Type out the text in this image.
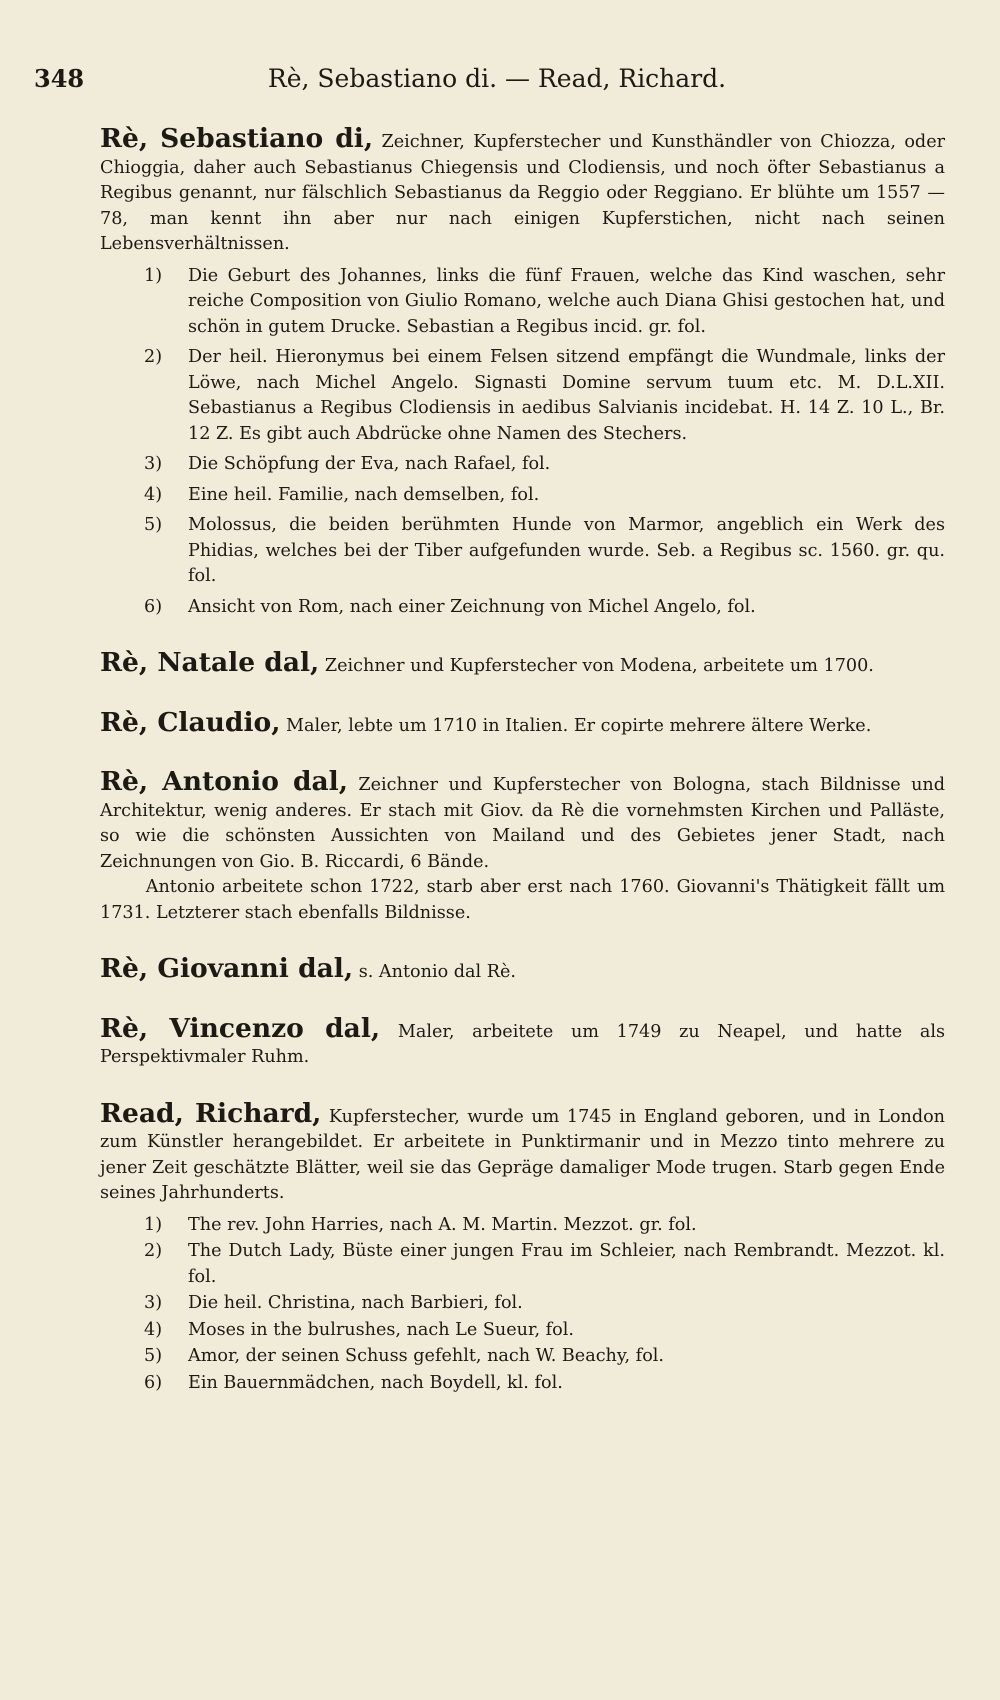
348	Rè, Sebastiano di. — Read, Richard.

Rè, Sebastiano di, Zeichner, Kupferstecher und Kunsthändler von Chiozza, oder Chioggia, daher auch Sebastianus Chiegensis und Clodiensis, und noch öfter Sebastianus a Regibus genannt, nur fälschlich Sebastianus da Reggio oder Reggiano. Er blühte um 1557 — 78, man kennt ihn aber nur nach einigen Kupferstichen, nicht nach seinen Lebensverhältnissen.

1) Die Geburt des Johannes, links die fünf Frauen, welche das Kind waschen, sehr reiche Composition von Giulio Romano, welche auch Diana Ghisi gestochen hat, und schön in gutem Drucke. Sebastian a Regibus incid. gr. fol.
2) Der heil. Hieronymus bei einem Felsen sitzend empfängt die Wundmale, links der Löwe, nach Michel Angelo. Signasti Domine servum tuum etc. M. D.L.XII. Sebastianus a Regibus Clodiensis in aedibus Salvianis incidebat. H. 14 Z. 10 L., Br. 12 Z. Es gibt auch Abdrücke ohne Namen des Stechers.
3) Die Schöpfung der Eva, nach Rafael, fol.
4) Eine heil. Familie, nach demselben, fol.
5) Molossus, die beiden berühmten Hunde von Marmor, angeblich ein Werk des Phidias, welches bei der Tiber aufgefunden wurde. Seb. a Regibus sc. 1560. gr. qu. fol.
6) Ansicht von Rom, nach einer Zeichnung von Michel Angelo, fol.

Rè, Natale dal, Zeichner und Kupferstecher von Modena, arbeitete um 1700.

Rè, Claudio, Maler, lebte um 1710 in Italien. Er copirte mehrere ältere Werke.

Rè, Antonio dal, Zeichner und Kupferstecher von Bologna, stach Bildnisse und Architektur, wenig anderes. Er stach mit Giov. da Rè die vornehmsten Kirchen und Palläste, so wie die schönsten Aussichten von Mailand und des Gebietes jener Stadt, nach Zeichnungen von Gio. B. Riccardi, 6 Bände.

Antonio arbeitete schon 1722, starb aber erst nach 1760. Giovanni's Thätigkeit fällt um 1731. Letzterer stach ebenfalls Bildnisse.

Rè, Giovanni dal, s. Antonio dal Rè.

Rè, Vincenzo dal, Maler, arbeitete um 1749 zu Neapel, und hatte als Perspektivmaler Ruhm.

Read, Richard, Kupferstecher, wurde um 1745 in England geboren, und in London zum Künstler herangebildet. Er arbeitete in Punktirmanir und in Mezzo tinto mehrere zu jener Zeit geschätzte Blätter, weil sie das Gepräge damaliger Mode trugen. Starb gegen Ende seines Jahrhunderts.

1) The rev. John Harries, nach A. M. Martin. Mezzot. gr. fol.
2) The Dutch Lady, Büste einer jungen Frau im Schleier, nach Rembrandt. Mezzot. kl. fol.
3) Die heil. Christina, nach Barbieri, fol.
4) Moses in the bulrushes, nach Le Sueur, fol.
5) Amor, der seinen Schuss gefehlt, nach W. Beachy, fol.
6) Ein Bauernmädchen, nach Boydell, kl. fol.
